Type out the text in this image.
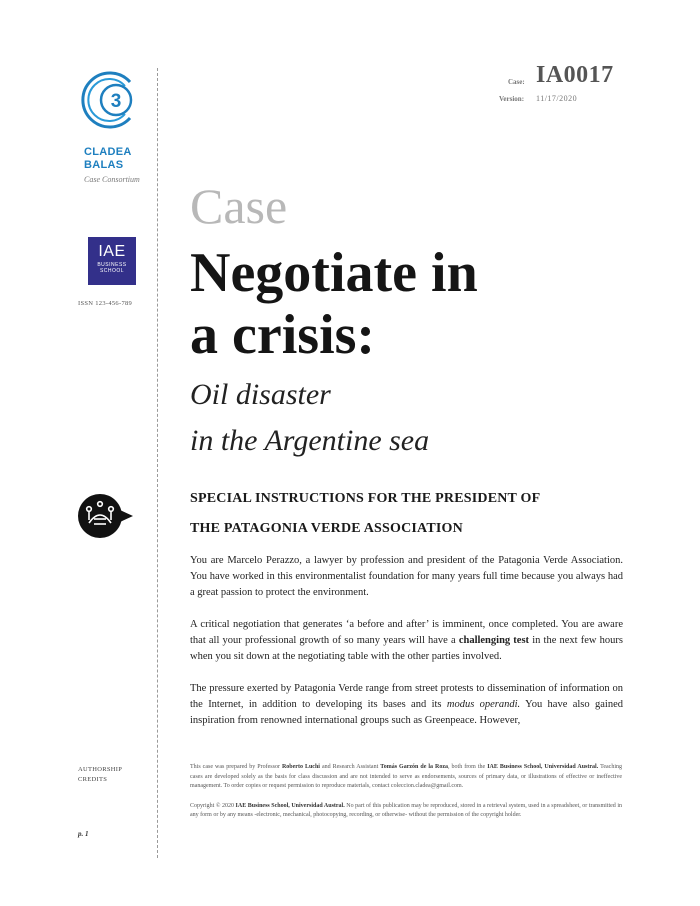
3
CLADEA
BALAS
Case Consortium
IAE
BUSINESS
SCHOOL
ISSN 123-456-789
AUTHORSHIP
CREDITS
p. 1
Case: IA0017
Version: 11/17/2020
Case
Negotiate in
a crisis:
Oil disaster
in the Argentine sea
SPECIAL INSTRUCTIONS FOR THE PRESIDENT OF
THE PATAGONIA VERDE ASSOCIATION

You are Marcelo Perazzo, a lawyer by profession and president of the Patagonia Verde Association. You have worked in this environmentalist foundation for many years full time because you always had a great passion to protect the environment.

A critical negotiation that generates ‘a before and after’ is imminent, once completed. You are aware that all your professional growth of so many years will have a challenging test in the next few hours when you sit down at the negotiating table with the other parties involved.

The pressure exerted by Patagonia Verde range from street protests to dissemination of information on the Internet, in addition to developing its bases and its modus operandi. You have also gained inspiration from renowned international groups such as Greenpeace. However,

This case was prepared by Professor Roberto Luchi and Research Assistant Tomás Garzón de la Roza, both from the IAE Business School, Universidad Austral. Teaching cases are developed solely as the basis for class discussion and are not intended to serve as endorsements, sources of primary data, or illustrations of effective or ineffective management. To order copies or request permission to reproduce materials, contact coleccion.cladea@gmail.com.

Copyright © 2020 IAE Business School, Universidad Austral. No part of this publication may be reproduced, stored in a retrieval system, used in a spreadsheet, or transmitted in any form or by any means -electronic, mechanical, photocopying, recording, or otherwise- without the permission of the copyright holder.
